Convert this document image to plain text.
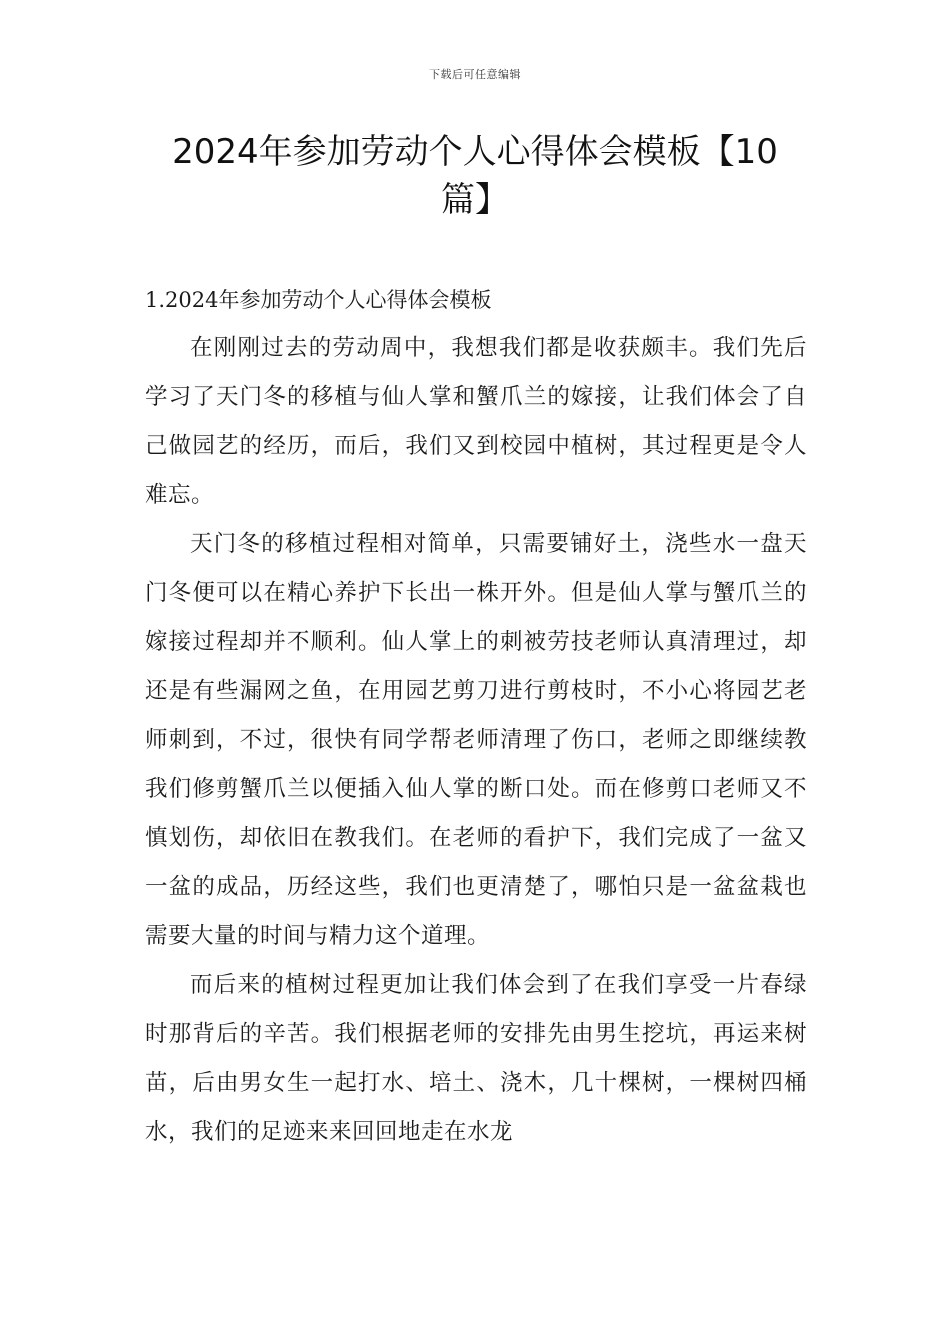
下载后可任意编辑
2024年参加劳动个人心得体会模板【10篇】
1.2024年参加劳动个人心得体会模板

在刚刚过去的劳动周中，我想我们都是收获颇丰。我们先后学习了天门冬的移植与仙人掌和蟹爪兰的嫁接，让我们体会了自己做园艺的经历，而后，我们又到校园中植树，其过程更是令人难忘。

天门冬的移植过程相对简单，只需要铺好土，浇些水一盘天门冬便可以在精心养护下长出一株开外。但是仙人掌与蟹爪兰的嫁接过程却并不顺利。仙人掌上的刺被劳技老师认真清理过，却还是有些漏网之鱼，在用园艺剪刀进行剪枝时，不小心将园艺老师刺到，不过，很快有同学帮老师清理了伤口，老师之即继续教我们修剪蟹爪兰以便插入仙人掌的断口处。而在修剪口老师又不慎划伤，却依旧在教我们。在老师的看护下，我们完成了一盆又一盆的成品，历经这些，我们也更清楚了，哪怕只是一盆盆栽也需要大量的时间与精力这个道理。

而后来的植树过程更加让我们体会到了在我们享受一片春绿时那背后的辛苦。我们根据老师的安排先由男生挖坑，再运来树苗，后由男女生一起打水、培土、浇木，几十棵树，一棵树四桶水，我们的足迹来来回回地走在水龙
